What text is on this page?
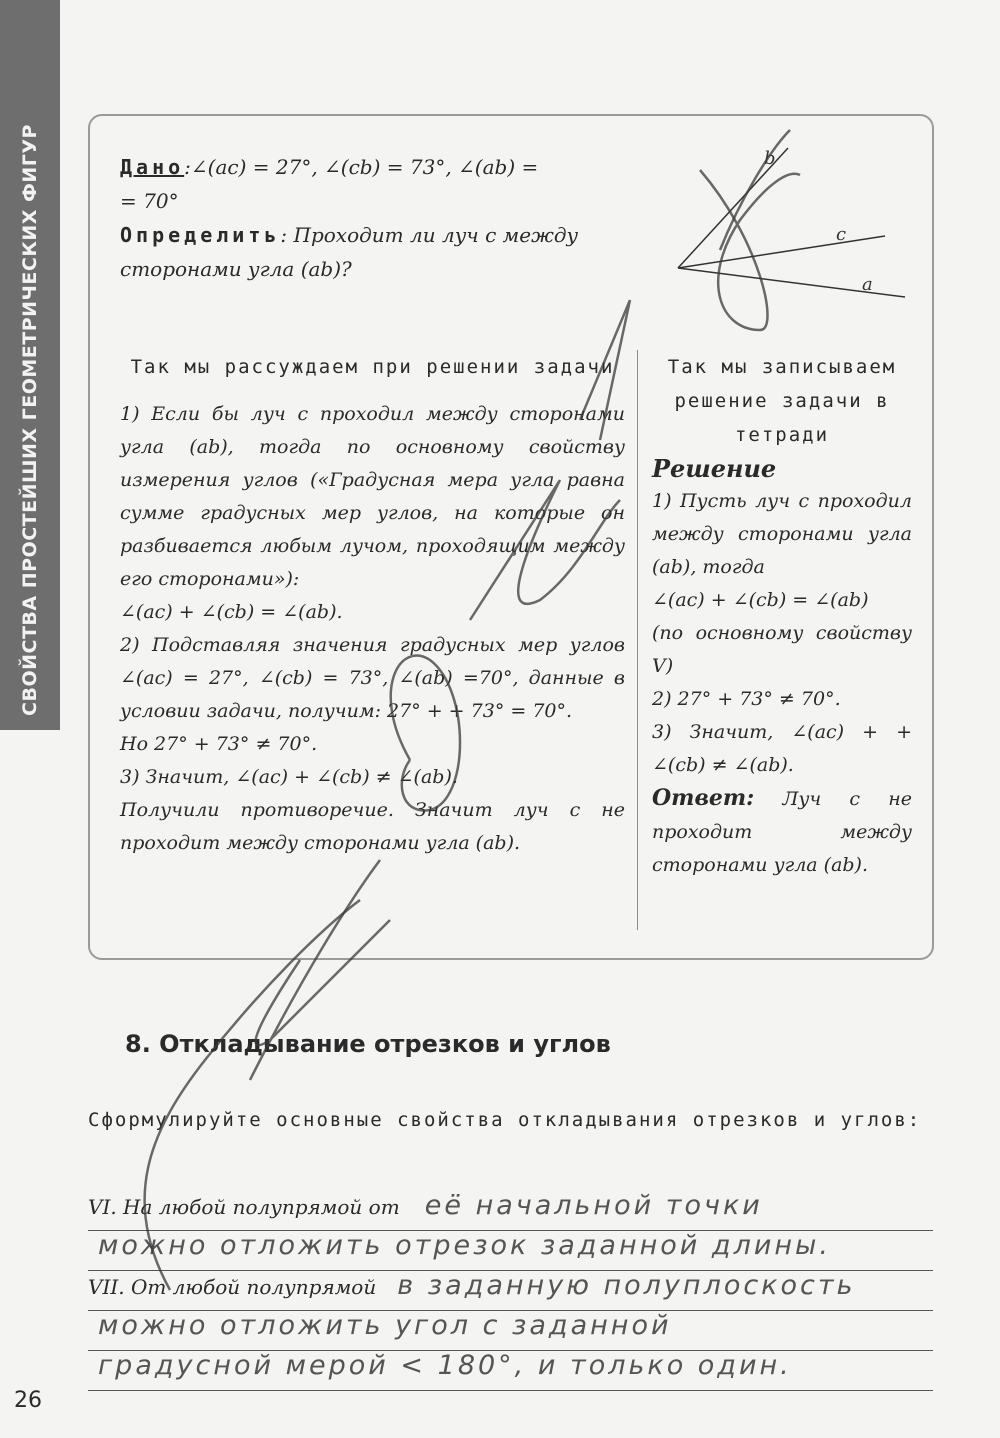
СВОЙСТВА ПРОСТЕЙШИХ ГЕОМЕТРИЧЕСКИХ ФИГУР	Дано:∠(ac) = 27°, ∠(cb) = 73°, ∠(ab) =
= 70°
Определить: Проходит ли луч c между сторонами угла (ab)?
b
c
a
Так мы рассуждаем при решении задачи
1) Если бы луч c проходил между сторонами угла (ab), тогда по основному свойству измерения углов («Градусная мера угла равна сумме градусных мер углов, на которые он разбивается любым лучом, проходящим между его сторонами»):
∠(ac) + ∠(cb) = ∠(ab).
2) Подставляя значения градусных мер углов ∠(ac) = 27°, ∠(cb) = 73°, ∠(ab) =70°, данные в условии задачи, получим: 27° + + 73° = 70°.
Но 27° + 73° ≠ 70°.
3) Значит, ∠(ac) + ∠(cb) ≠ ∠(ab).
Получили противоречие. Значит луч c не проходит между сторонами угла (ab).
Так мы записываем решение задачи в тетради
Решение
1) Пусть луч c проходил между сторонами угла (ab), тогда
∠(ac) + ∠(cb) = ∠(ab)
(по основному свойству V)
2) 27° + 73° ≠ 70°.
3) Значит, ∠(ac) + + ∠(cb) ≠ ∠(ab).
Ответ: Луч c не проходит между сторонами угла (ab).
8. Откладывание отрезков и углов
Сформулируйте основные свойства откладывания отрезков и углов:
VI. На любой полупрямой от её начальной точки
можно отложить отрезок заданной длины.
VII. От любой полупрямой в заданную полуплоскость
можно отложить угол с заданной
градусной мерой < 180°, и только один.
26
